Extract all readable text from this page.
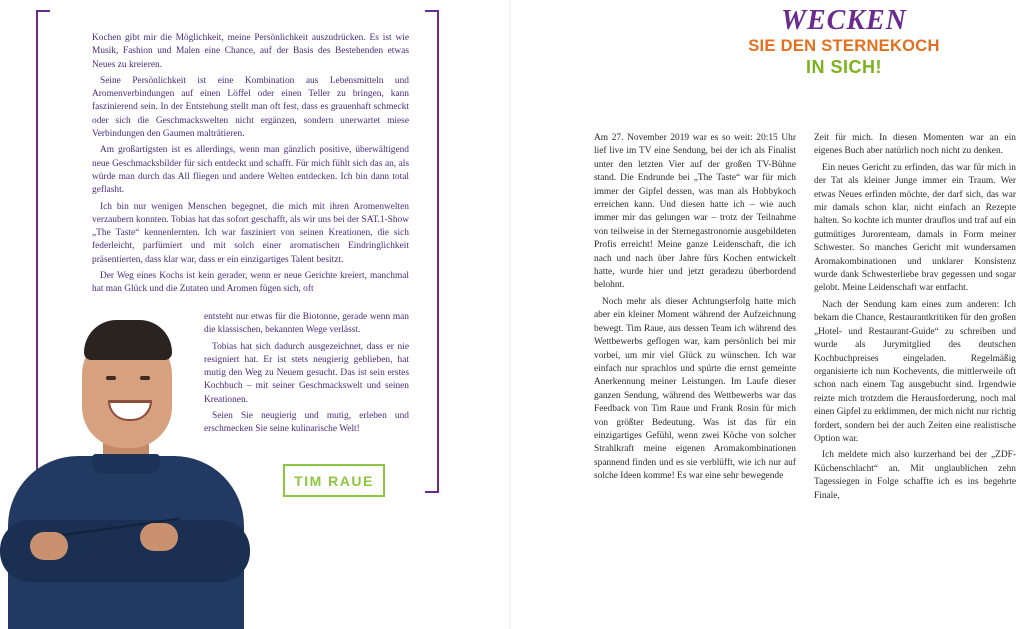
Kochen gibt mir die Möglichkeit, meine Persönlichkeit auszudrücken. Es ist wie Musik, Fashion und Malen eine Chance, auf der Basis des Bestehenden etwas Neues zu kreieren.

Seine Persönlichkeit ist eine Kombination aus Lebensmitteln und Aromenverbindungen auf einen Löffel oder einen Teller zu bringen, kann faszinierend sein. In der Entstehung stellt man oft fest, dass es grauenhaft schmeckt oder sich die Geschmackswelten nicht ergänzen, sondern unerwartet miese Verbindungen den Gaumen malträtieren.

Am großartigsten ist es allerdings, wenn man gänzlich positive, überwältigend neue Geschmacksbilder für sich entdeckt und schafft. Für mich fühlt sich das an, als würde man durch das All fliegen und andere Welten entdecken. Ich bin dann total geflasht.

Ich bin nur wenigen Menschen begegnet, die mich mit ihren Aromenwelten verzaubern konnten. Tobias hat das sofort geschafft, als wir uns bei der SAT.1-Show „The Taste“ kennenlernten. Ich war fasziniert von seinen Kreationen, die sich federleicht, parfümiert und mit solch einer aromatischen Eindringlichkeit präsentierten, dass klar war, dass er ein einzigartiges Talent besitzt.

Der Weg eines Kochs ist kein gerader, wenn er neue Gerichte kreiert, manchmal hat man Glück und die Zutaten und Aromen fügen sich, oft

entsteht nur etwas für die Biotonne, gerade wenn man die klassischen, bekannten Wege verlässt.

Tobias hat sich dadurch ausgezeichnet, dass er nie resigniert hat. Er ist stets neugierig geblieben, hat mutig den Weg zu Neuem gesucht. Das ist sein erstes Kochbuch – mit seiner Geschmackswelt und seinen Kreationen.

Seien Sie neugierig und mutig, erleben und erschmecken Sie seine kulinarische Welt!

TIM RAUE
WECKEN
SIE DEN STERNEKOCH
IN SICH!

Am 27. November 2019 war es so weit: 20:15 Uhr lief live im TV eine Sendung, bei der ich als Finalist unter den letzten Vier auf der großen TV-Bühne stand. Die Endrunde bei „The Taste“ war für mich immer der Gipfel dessen, was man als Hobbykoch erreichen kann. Und diesen hatte ich – wie auch immer mir das gelungen war – trotz der Teilnahme von teilweise in der Sternegastronomie ausgebildeten Profis erreicht! Meine ganze Leidenschaft, die ich nach und nach über Jahre fürs Kochen entwickelt hatte, wurde hier und jetzt geradezu überbordend belohnt.

Noch mehr als dieser Achtungserfolg hatte mich aber ein kleiner Moment während der Aufzeichnung bewegt. Tim Raue, aus dessen Team ich während des Wettbewerbs geflogen war, kam persönlich bei mir vorbei, um mir viel Glück zu wünschen. Ich war einfach nur sprachlos und spürte die ernst gemeinte Anerkennung meiner Leistungen. Im Laufe dieser ganzen Sendung, während des Wettbewerbs war das Feedback von Tim Raue und Frank Rosin für mich von größter Bedeutung. Was ist das für ein einzigartiges Gefühl, wenn zwei Köche von solcher Strahlkraft meine eigenen Aromakombinationen spannend finden und es sie verblüfft, wie ich nur auf solche Ideen komme! Es war eine sehr bewegende

Zeit für mich. In diesen Momenten war an ein eigenes Buch aber natürlich noch nicht zu denken.

Ein neues Gericht zu erfinden, das war für mich in der Tat als kleiner Junge immer ein Traum. Wer etwas Neues erfinden möchte, der darf sich, das war mir damals schon klar, nicht einfach an Rezepte halten. So kochte ich munter drauflos und traf auf ein gutmütiges Jurorenteam, damals in Form meiner Schwester. So manches Gericht mit wundersamen Aromakombinationen und unklarer Konsistenz wurde dank Schwesterliebe brav gegessen und sogar gelobt. Meine Leidenschaft war entfacht.

Nach der Sendung kam eines zum anderen: Ich bekam die Chance, Restaurantkritiken für den großen „Hotel- und Restaurant-Guide“ zu schreiben und wurde als Jurymitglied des deutschen Kochbuchpreises eingeladen. Regelmäßig organisierte ich nun Kochevents, die mittlerweile oft schon nach einem Tag ausgebucht sind. Irgendwie reizte mich trotzdem die Herausforderung, noch mal einen Gipfel zu erklimmen, der mich nicht nur richtig fordert, sondern bei der auch Zeiten eine realistische Option war.

Ich meldete mich also kurzerhand bei der „ZDF-Küchenschlacht“ an. Mit unglaublichen zehn Tagessiegen in Folge schaffte ich es ins begehrte Finale,
